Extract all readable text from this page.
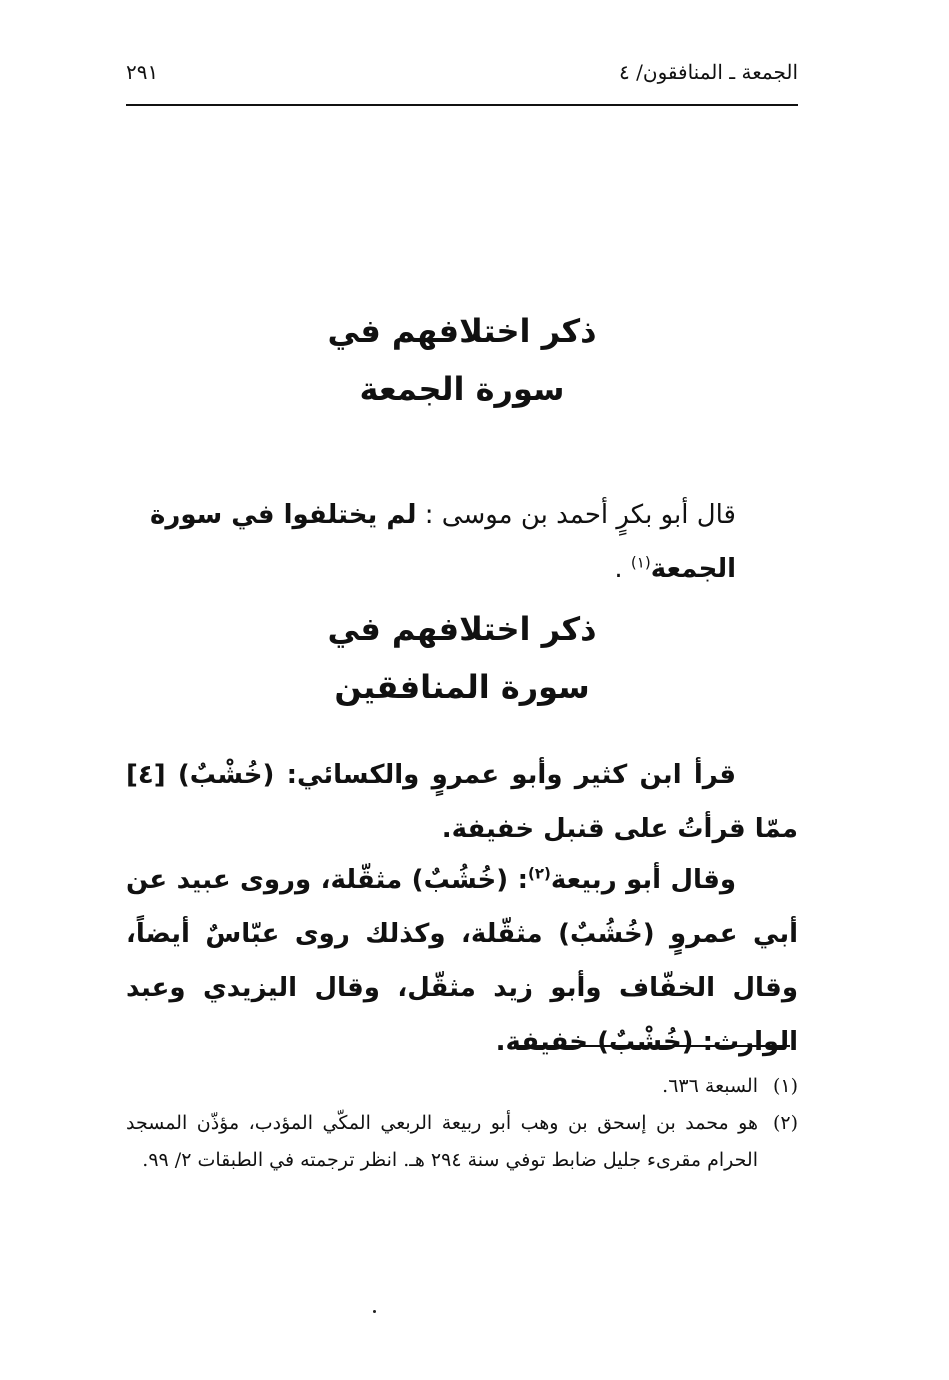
الجمعة ـ المنافقون/ ٤
٢٩١
ذكر اختلافهم في
سورة الجمعة
قال أبو بكرٍ أحمد بن موسى : لم يختلفوا في سورة الجمعة$^{(١)}$ .
ذكر اختلافهم في
سورة المنافقين
قرأ ابن كثير وأبو عمروٍ والكسائي: (خُشْبٌ) [٤] ممّا قرأتُ على قنبل خفيفة.
وقال أبو ربيعة$^{(٢)}$: (خُشُبٌ) مثقّلة، وروى عبيد عن أبي عمروٍ (خُشُبٌ) مثقّلة، وكذلك روى عبّاسٌ أيضاً، وقال الخفّاف وأبو زيد مثقّل، وقال اليزيدي وعبد الوارث: (خُشْبٌ) خفيفة.
(١)
السبعة ٦٣٦.
(٢)
هو محمد بن إسحق بن وهب أبو ربيعة الربعي المكّي المؤدب، مؤذّن المسجد الحرام مقرىء جليل ضابط توفي سنة ٢٩٤ هـ. انظر ترجمته في الطبقات ٢/ ٩٩.
